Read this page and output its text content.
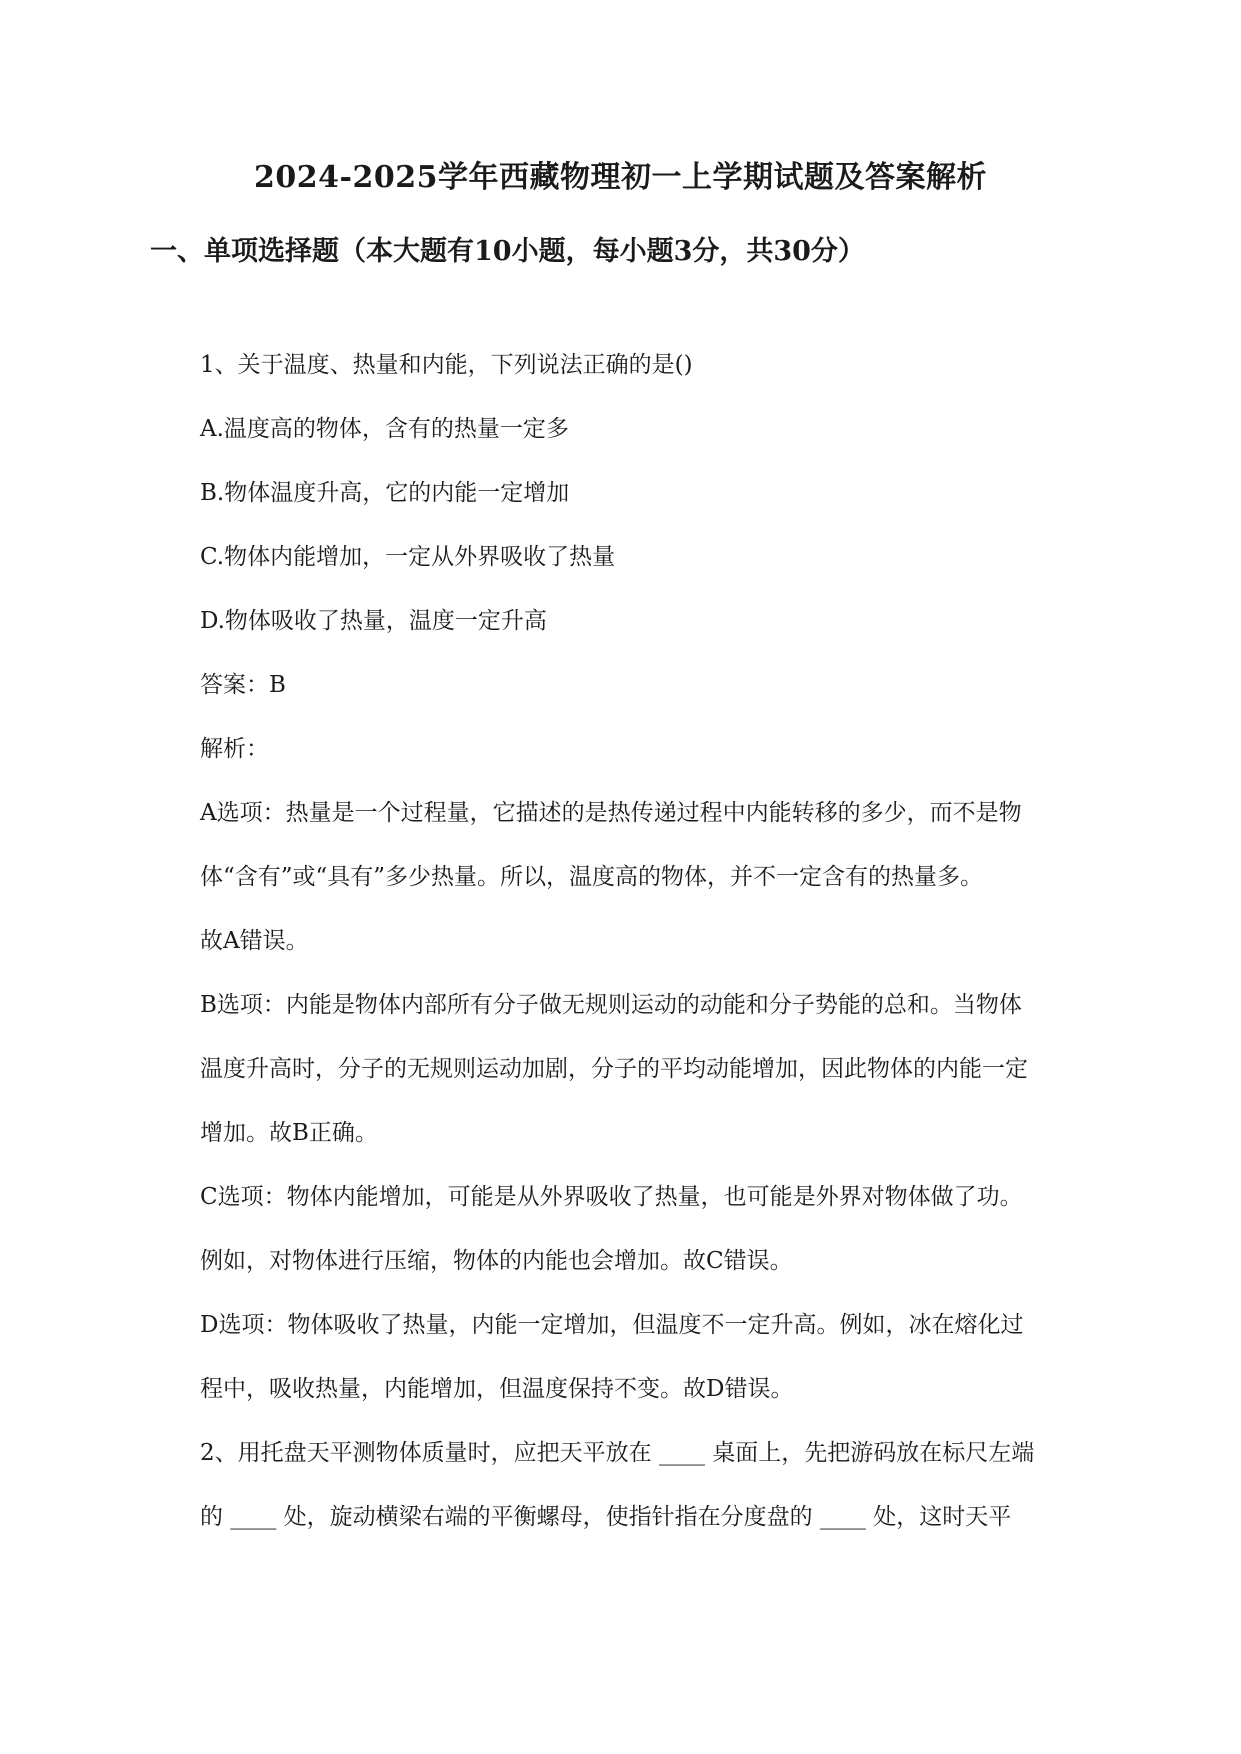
2024-2025学年西藏物理初一上学期试题及答案解析
一、单项选择题（本大题有10小题，每小题3分，共30分）
1、关于温度、热量和内能，下列说法正确的是()
A.温度高的物体，含有的热量一定多
B.物体温度升高，它的内能一定增加
C.物体内能增加，一定从外界吸收了热量
D.物体吸收了热量，温度一定升高
答案：B
解析：
A选项：热量是一个过程量，它描述的是热传递过程中内能转移的多少，而不是物
体“含有”或“具有”多少热量。所以，温度高的物体，并不一定含有的热量多。
故A错误。
B选项：内能是物体内部所有分子做无规则运动的动能和分子势能的总和。当物体
温度升高时，分子的无规则运动加剧，分子的平均动能增加，因此物体的内能一定
增加。故B正确。
C选项：物体内能增加，可能是从外界吸收了热量，也可能是外界对物体做了功。
例如，对物体进行压缩，物体的内能也会增加。故C错误。
D选项：物体吸收了热量，内能一定增加，但温度不一定升高。例如，冰在熔化过
程中，吸收热量，内能增加，但温度保持不变。故D错误。
2、用托盘天平测物体质量时，应把天平放在 ____ 桌面上，先把游码放在标尺左端
的 ____ 处，旋动横梁右端的平衡螺母，使指针指在分度盘的 ____ 处，这时天平
